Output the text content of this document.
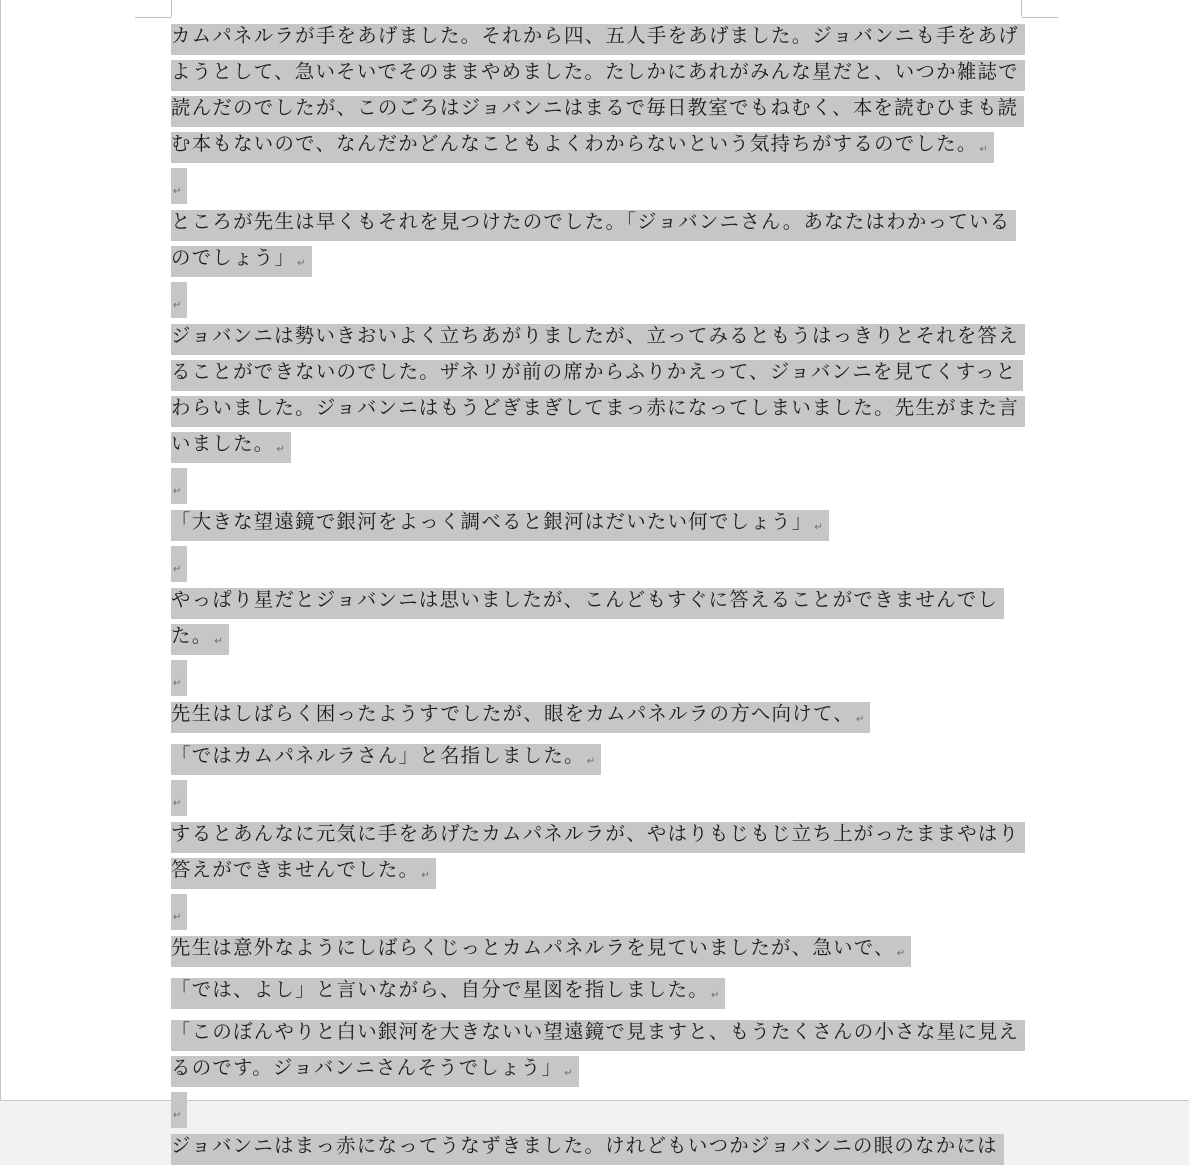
カムパネルラが手をあげました。それから四、五人手をあげました。ジョバンニも手をあげようとして、急いそいでそのままやめました。たしかにあれがみんな星だと、いつか雑誌で読んだのでしたが、このごろはジョバンニはまるで毎日教室でもねむく、本を読むひまも読む本もないので、なんだかどんなこともよくわからないという気持ちがするのでした。 ↵

↵

ところが先生は早くもそれを見つけたのでした。「ジョバンニさん。あなたはわかっているのでしょう」 ↵

↵

ジョバンニは勢いきおいよく立ちあがりましたが、立ってみるともうはっきりとそれを答えることができないのでした。ザネリが前の席からふりかえって、ジョバンニを見てくすっとわらいました。ジョバンニはもうどぎまぎしてまっ赤になってしまいました。先生がまた言いました。 ↵

↵

「大きな望遠鏡で銀河をよっく調べると銀河はだいたい何でしょう」 ↵

↵

やっぱり星だとジョバンニは思いましたが、こんどもすぐに答えることができませんでした。 ↵

↵

先生はしばらく困ったようすでしたが、眼をカムパネルラの方へ向けて、 ↵

「ではカムパネルラさん」と名指しました。 ↵

↵

するとあんなに元気に手をあげたカムパネルラが、やはりもじもじ立ち上がったままやはり答えができませんでした。 ↵

↵

先生は意外なようにしばらくじっとカムパネルラを見ていましたが、急いで、 ↵

「では、よし」と言いながら、自分で星図を指しました。 ↵

「このぼんやりと白い銀河を大きないい望遠鏡で見ますと、もうたくさんの小さな星に見えるのです。ジョバンニさんそうでしょう」 ↵

↵

ジョバンニはまっ赤になってうなずきました。けれどもいつかジョバンニの眼のなかには
